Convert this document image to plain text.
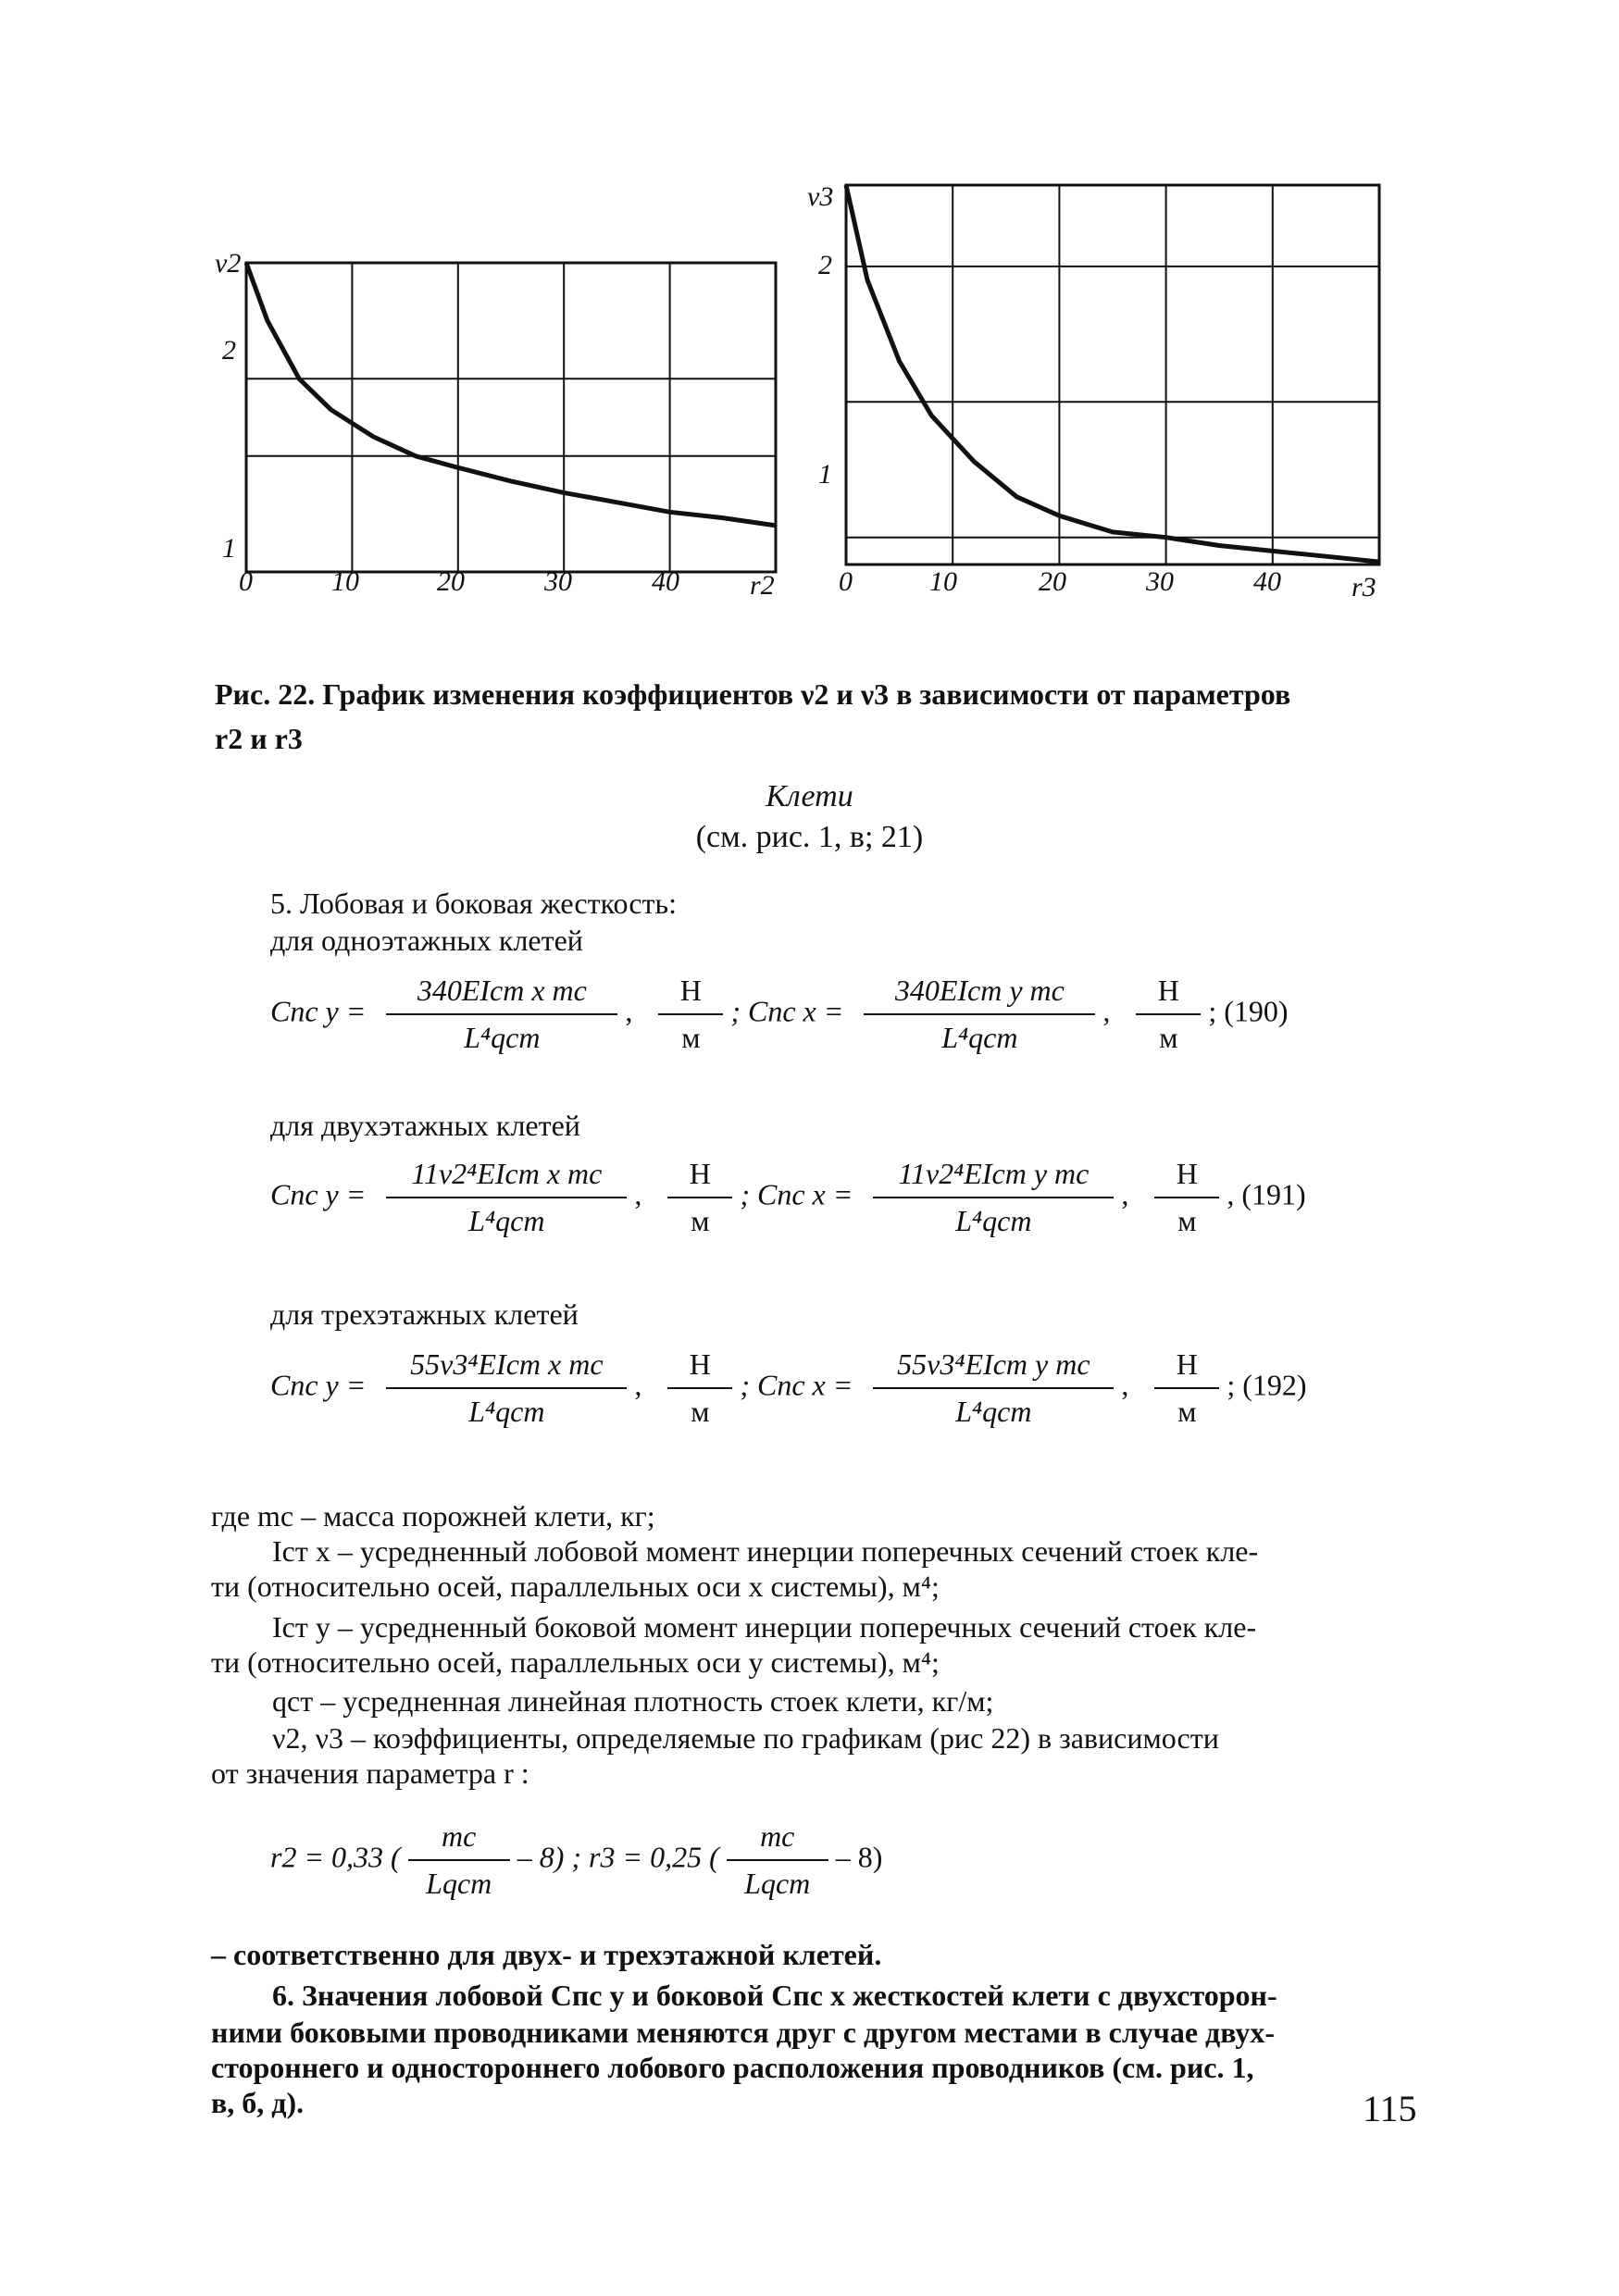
ν2
2
1
0	10	20	30	40	r2
ν3
2
1
0	10	20	30	40	r3
Рис. 22. График изменения коэффициентов ν2 и ν3 в зависимости от параметров
r2 и r3
Клети
(см. рис. 1, в; 21)
5. Лобовая и боковая жесткость:
для одноэтажных клетей
Спс $y = \frac{\text{340EIст x mc}}{\text{L⁴qст}}$ , $\frac{Н}{м}$ ; Спс $x = \frac{\text{340EIст y mc}}{\text{L⁴qст}}$ , $\frac{Н}{м}$ ; (190)
для двухэтажных клетей
Спс $y = \frac{\text{11ν2⁴EIст x mc}}{\text{L⁴qст}}$ , $\frac{Н}{м}$ ; Спс $x = \frac{\text{11ν2⁴EIст y mc}}{\text{L⁴qст}}$ , $\frac{Н}{м}$ , (191)
для трехэтажных клетей
Спс $y = \frac{\text{55ν3⁴EIст x mc}}{\text{L⁴qст}}$ , $\frac{Н}{м}$ ; Спс $x = \frac{\text{55ν3⁴EIст y mc}}{\text{L⁴qст}}$ , $\frac{Н}{м}$ ; (192)
где mc – масса порожней клети, кг;
Iст x – усредненный лобовой момент инерции поперечных сечений стоек кле-
ти (относительно осей, параллельных оси x системы), м⁴;
Iст y – усредненный боковой момент инерции поперечных сечений стоек кле-
ти (относительно осей, параллельных оси y системы), м⁴;
qст – усредненная линейная плотность стоек клети, кг/м;
ν2, ν3 – коэффициенты, определяемые по графикам (рис 22) в зависимости
от значения параметра r :
r2 = 0,33 ( $\frac{mc}{\text{Lqст}} - 8$) ; r3 = 0,25 ( $\frac{mc}{\text{Lqст}} - 8$)
– соответственно для двух- и трехэтажной клетей.
6. Значения лобовой Спс y и боковой Спс x жесткостей клети с двухсторон-
ними боковыми проводниками меняются друг с другом местами в случае двух-
стороннего и одностороннего лобового расположения проводников (см. рис. 1,
в, б, д).	115
